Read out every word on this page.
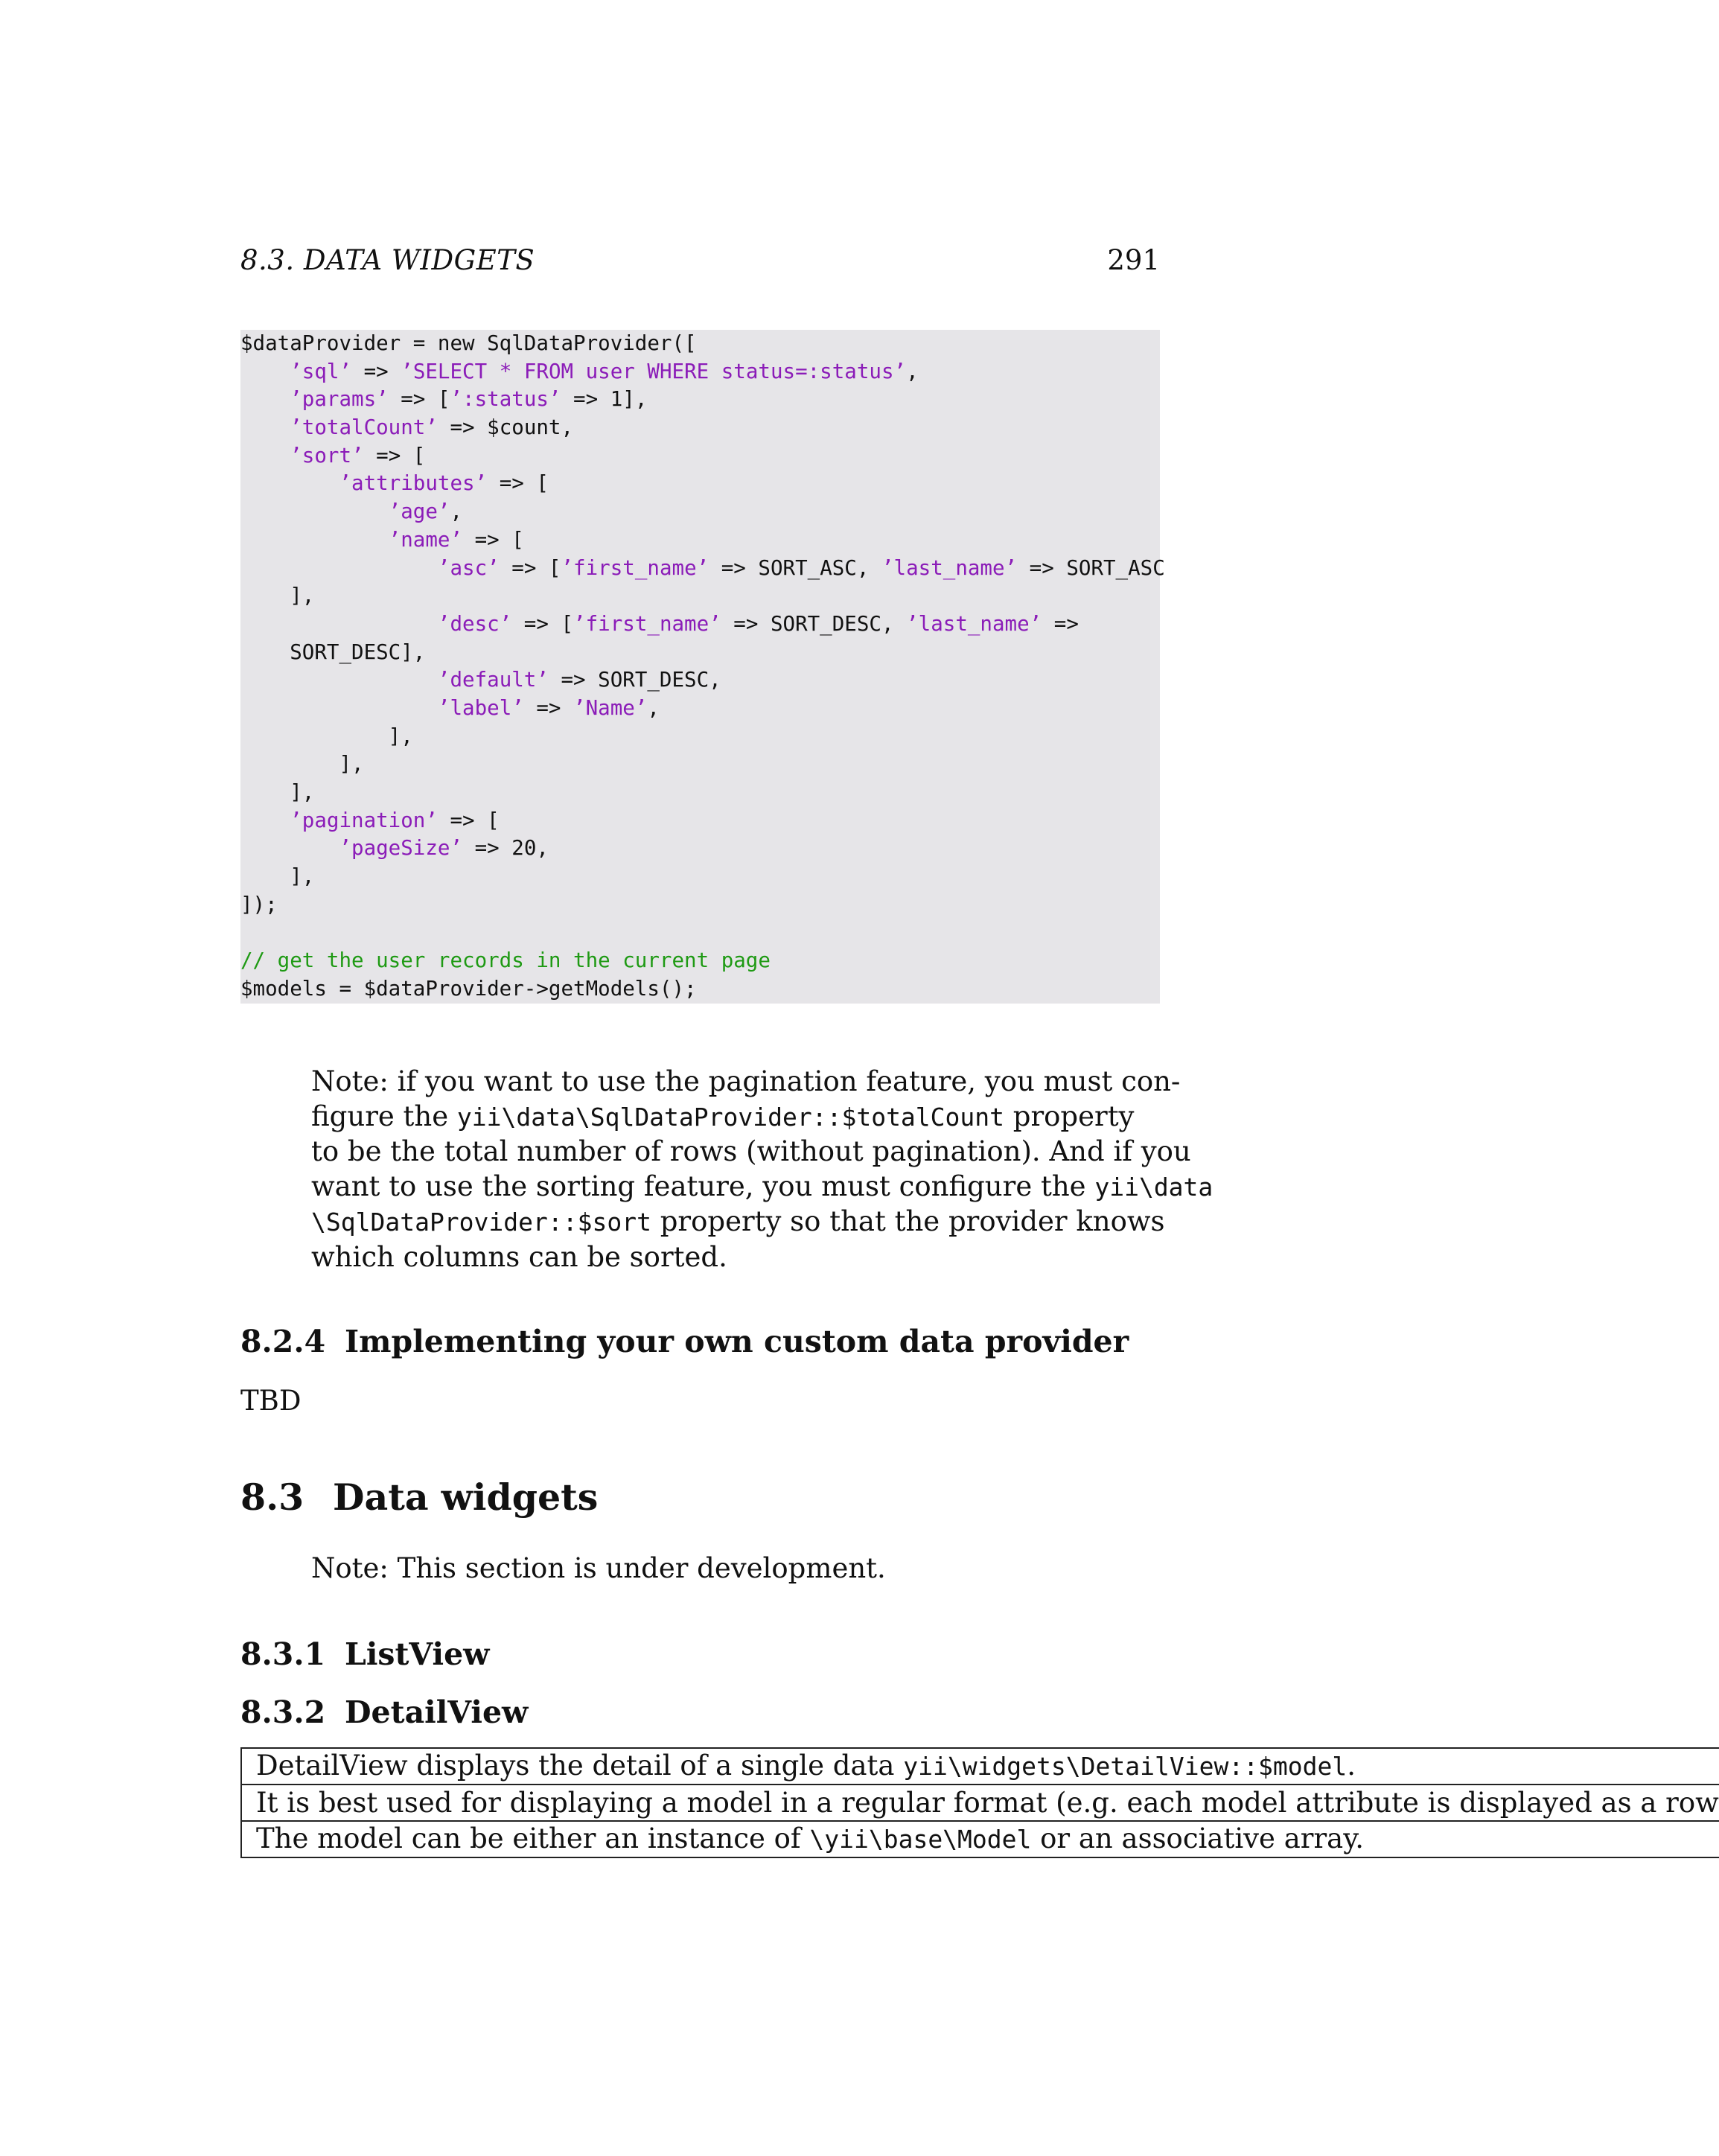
8.3. DATA WIDGETS	291
$dataProvider = new SqlDataProvider([
’sql’ => ’SELECT * FROM user WHERE status=:status’,
’params’ => [’:status’ => 1],
’totalCount’ => $count,
’sort’ => [
’attributes’ => [
’age’,
’name’ => [
’asc’ => [’first_name’ => SORT_ASC, ’last_name’ => SORT_ASC
],
’desc’ => [’first_name’ => SORT_DESC, ’last_name’ =>
SORT_DESC],
’default’ => SORT_DESC,
’label’ => ’Name’,
],
],
],
’pagination’ => [
’pageSize’ => 20,
],
]);
// get the user records in the current page
$models = $dataProvider->getModels();
Note: if you want to use the pagination feature, you must con-
figure the yii\data\SqlDataProvider::$totalCount property
to be the total number of rows (without pagination). And if you
want to use the sorting feature, you must configure the yii\data
\SqlDataProvider::$sort property so that the provider knows
which columns can be sorted.
8.2.4 Implementing your own custom data provider
TBD
8.3 Data widgets
Note: This section is under development.
8.3.1 ListView
8.3.2 DetailView
DetailView displays the detail of a single data yii\widgets\DetailView::$model.
It is best used for displaying a model in a regular format (e.g. each model attribute is displayed as a row
The model can be either an instance of \yii\base\Model or an associative array.
